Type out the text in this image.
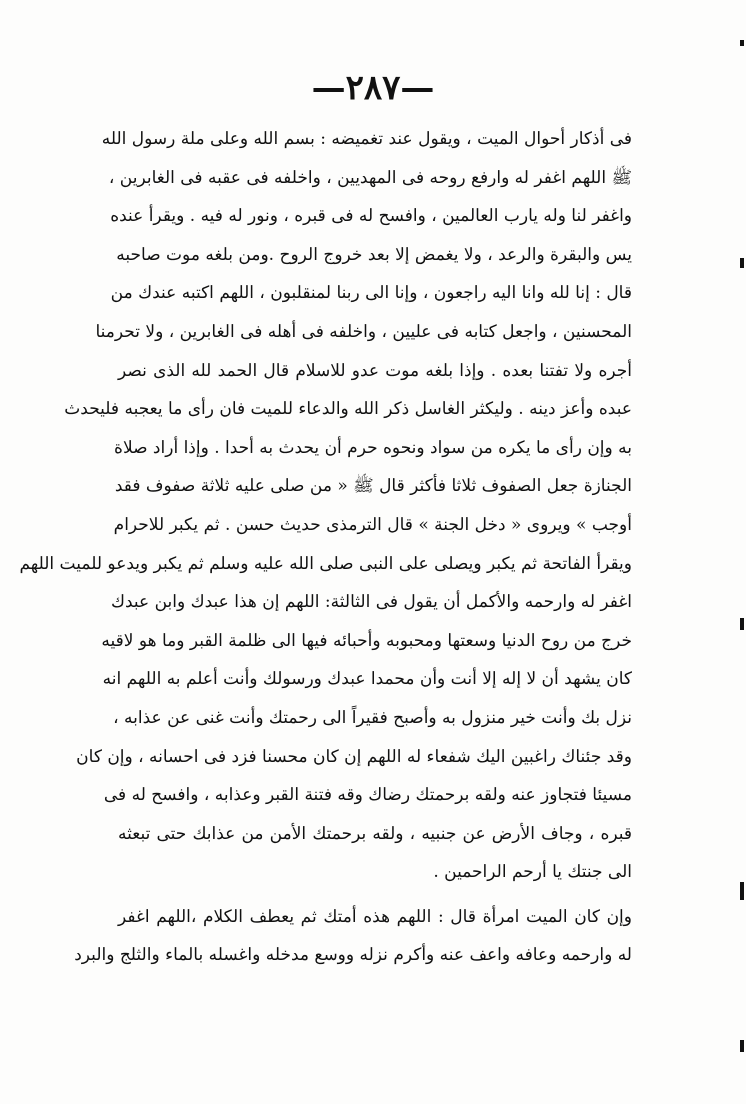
—٢٨٧—
فى أذكار أحوال الميت ، ويقول عند تغميضه : بسم الله وعلى ملة رسول الله
ﷺ اللهم اغفر له وارفع روحه فى المهديين ، واخلفه فى عقبه فى الغابرين ،
واغفر لنا وله يارب العالمين ، وافسح له فى قبره ، ونور له فيه . ويقرأ عنده
يس والبقرة والرعد ، ولا يغمض إلا بعد خروج الروح .ومن بلغه موت صاحبه
قال : إنا لله وانا اليه راجعون ، وإنا الى ربنا لمنقلبون ، اللهم اكتبه عندك من
المحسنين ، واجعل كتابه فى عليين ، واخلفه فى أهله فى الغابرين ، ولا تحرمنا
أجره ولا تفتنا بعده . وإذا بلغه موت عدو للاسلام قال الحمد لله الذى نصر
عبده وأعز دينه . وليكثر الغاسل ذكر الله والدعاء للميت فان رأى ما يعجبه فليحدث
به وإن رأى ما يكره من سواد ونحوه حرم أن يحدث به أحدا . وإذا أراد صلاة
الجنازة جعل الصفوف ثلاثا فأكثر قال ﷺ « من صلى عليه ثلاثة صفوف فقد
أوجب » ويروى « دخل الجنة » قال الترمذى حديث حسن . ثم يكبر للاحرام
ويقرأ الفاتحة ثم يكبر ويصلى على النبى صلى الله عليه وسلم ثم يكبر ويدعو للميت اللهم
اغفر له وارحمه والأكمل أن يقول فى الثالثة: اللهم إن هذا عبدك وابن عبدك
خرج من روح الدنيا وسعتها ومحبوبه وأحبائه فيها الى ظلمة القبر وما هو لاقيه
كان يشهد أن لا إله إلا أنت وأن محمدا عبدك ورسولك وأنت أعلم به اللهم انه
نزل بك وأنت خير منزول به وأصبح فقيراً الى رحمتك وأنت غنى عن عذابه ،
وقد جئناك راغبين اليك شفعاء له اللهم إن كان محسنا فزد فى احسانه ، وإن كان
مسيئا فتجاوز عنه ولقه برحمتك رضاك وقه فتنة القبر وعذابه ، وافسح له فى
قبره ، وجاف الأرض عن جنبيه ، ولقه برحمتك الأمن من عذابك حتى تبعثه
الى جنتك يا أرحم الراحمين .
وإن كان الميت امرأة قال : اللهم هذه أمتك ثم يعطف الكلام ،اللهم اغفر
له وارحمه وعافه واعف عنه وأكرم نزله ووسع مدخله واغسله بالماء والثلج والبرد
